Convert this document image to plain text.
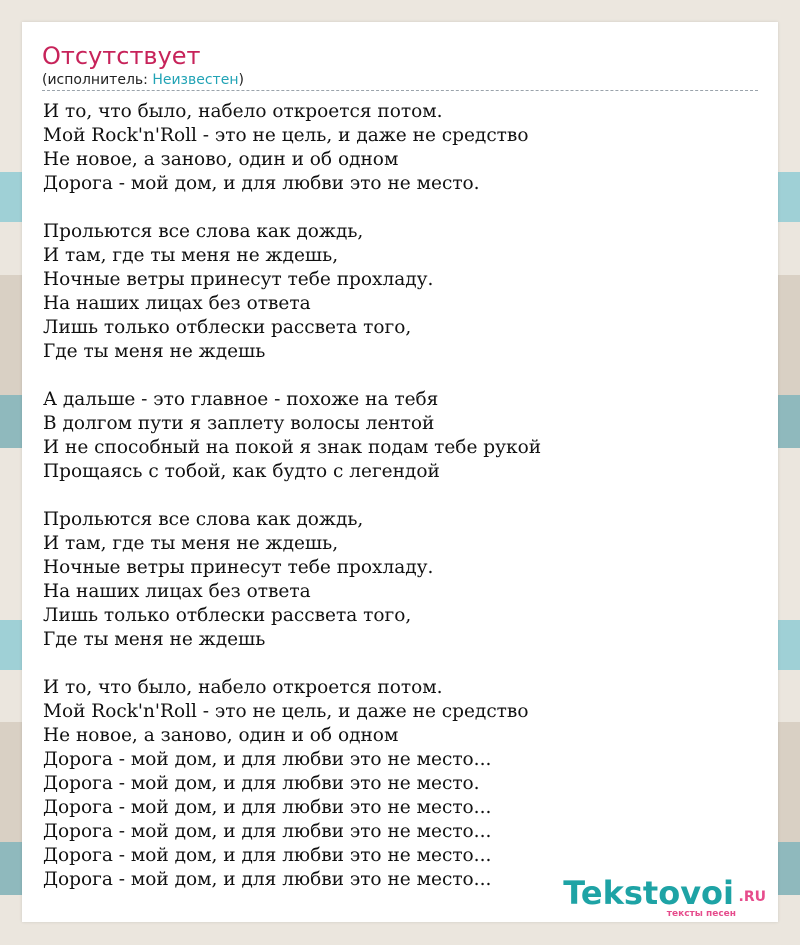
Отсутствует
(исполнитель: Неизвестен)
И то, что было, набело откроется потом.
Мой Rock'n'Roll - это не цель, и даже не средство
Не новое, а заново, один и об одном
Дорога - мой дом, и для любви это не место.
Прольются все слова как дождь,
И там, где ты меня не ждешь,
Ночные ветры принесут тебе прохладу.
На наших лицах без ответа
Лишь только отблески рассвета того,
Где ты меня не ждешь
А дальше - это главное - похоже на тебя
В долгом пути я заплету волосы лентой
И не способный на покой я знак подам тебе рукой
Прощаясь с тобой, как будто с легендой
Прольются все слова как дождь,
И там, где ты меня не ждешь,
Ночные ветры принесут тебе прохладу.
На наших лицах без ответа
Лишь только отблески рассвета того,
Где ты меня не ждешь
И то, что было, набело откроется потом.
Мой Rock'n'Roll - это не цель, и даже не средство
Не новое, а заново, один и об одном
Дорога - мой дом, и для любви это не место...
Дорога - мой дом, и для любви это не место.
Дорога - мой дом, и для любви это не место...
Дорога - мой дом, и для любви это не место...
Дорога - мой дом, и для любви это не место...
Дорога - мой дом, и для любви это не место...	Tekstovoi .RU
тексты песен
